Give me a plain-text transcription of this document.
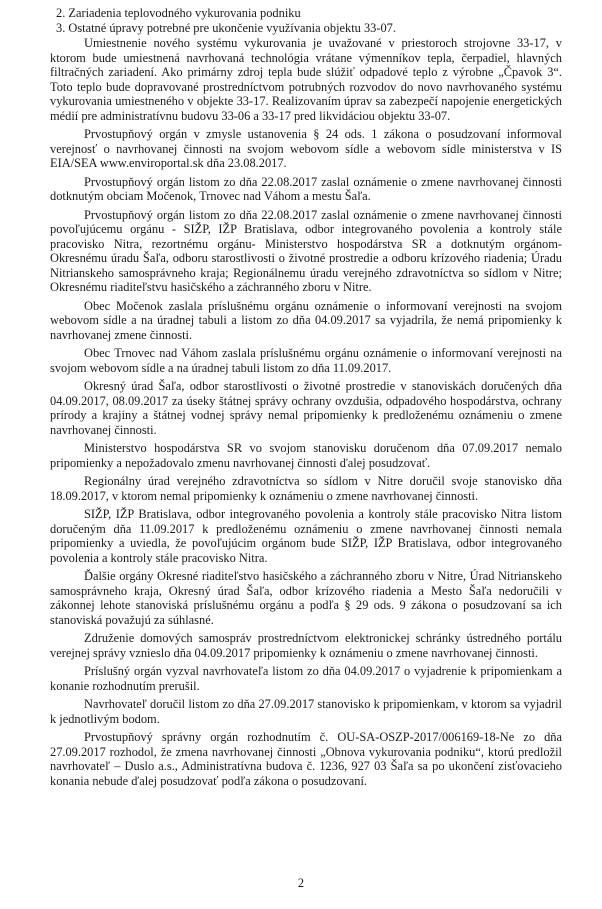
2. Zariadenia teplovodného vykurovania podniku

3. Ostatné úpravy potrebné pre ukončenie využívania objektu 33-07.

Umiestnenie nového systému vykurovania je uvažované v priestoroch strojovne 33-17, v ktorom bude umiestnená navrhovaná technológia vrátane výmenníkov tepla, čerpadiel, hlavných filtračných zariadení. Ako primárny zdroj tepla bude slúžiť odpadové teplo z výrobne „Čpavok 3“. Toto teplo bude dopravované prostredníctvom potrubných rozvodov do novo navrhovaného systému vykurovania umiestneného v objekte 33-17. Realizovaním úprav sa zabezpečí napojenie energetických médií pre administratívnu budovu 33-06 a 33-17 pred likvidáciou objektu 33-07.

Prvostupňový orgán v zmysle ustanovenia § 24 ods. 1 zákona o posudzovaní informoval verejnosť o navrhovanej činnosti na svojom webovom sídle a webovom sídle ministerstva v IS EIA/SEA www.enviroportal.sk dňa 23.08.2017.

Prvostupňový orgán listom zo dňa 22.08.2017 zaslal oznámenie o zmene navrhovanej činnosti dotknutým obciam Močenok, Trnovec nad Váhom a mestu Šaľa.

Prvostupňový orgán listom zo dňa 22.08.2017 zaslal oznámenie o zmene navrhovanej činnosti povoľujúcemu orgánu - SIŽP, IŽP Bratislava, odbor integrovaného povolenia a kontroly stále pracovisko Nitra, rezortnému orgánu- Ministerstvo hospodárstva SR a dotknutým orgánom- Okresnému úradu Šaľa, odboru starostlivosti o životné prostredie a odboru krízového riadenia; Úradu Nitrianskeho samosprávneho kraja; Regionálnemu úradu verejného zdravotníctva so sídlom v Nitre; Okresnému riaditeľstvu hasičského a záchranného zboru v Nitre.

Obec Močenok zaslala príslušnému orgánu oznámenie o informovaní verejnosti na svojom webovom sídle a na úradnej tabuli a listom zo dňa 04.09.2017 sa vyjadrila, že nemá pripomienky k navrhovanej zmene činnosti.

Obec Trnovec nad Váhom zaslala príslušnému orgánu oznámenie o informovaní verejnosti na svojom webovom sídle a na úradnej tabuli listom zo dňa 11.09.2017.

Okresný úrad Šaľa, odbor starostlivosti o životné prostredie v stanoviskách doručených dňa 04.09.2017, 08.09.2017 za úseky štátnej správy ochrany ovzdušia, odpadového hospodárstva, ochrany prírody a krajiny a štátnej vodnej správy nemal pripomienky k predloženému oznámeniu o zmene navrhovanej činnosti.

Ministerstvo hospodárstva SR vo svojom stanovisku doručenom dňa 07.09.2017 nemalo pripomienky a nepožadovalo zmenu navrhovanej činnosti ďalej posudzovať.

Regionálny úrad verejného zdravotníctva so sídlom v Nitre doručil svoje stanovisko dňa 18.09.2017, v ktorom nemal pripomienky k oznámeniu o zmene navrhovanej činnosti.

SIŽP, IŽP Bratislava, odbor integrovaného povolenia a kontroly stále pracovisko Nitra listom doručeným dňa 11.09.2017 k predloženému oznámeniu o zmene navrhovanej činnosti nemala pripomienky a uviedla, že povoľujúcim orgánom bude SIŽP, IŽP Bratislava, odbor integrovaného povolenia a kontroly stále pracovisko Nitra.

Ďalšie orgány Okresné riaditeľstvo hasičského a záchranného zboru v Nitre, Úrad Nitrianskeho samosprávneho kraja, Okresný úrad Šaľa, odbor krízového riadenia a Mesto Šaľa nedoručili v zákonnej lehote stanoviská príslušnému orgánu a podľa § 29 ods. 9 zákona o posudzovaní sa ich stanoviská považujú za súhlasné.

Združenie domových samospráv prostredníctvom elektronickej schránky ústredného portálu verejnej správy vznieslo dňa 04.09.2017 pripomienky k oznámeniu o zmene navrhovanej činnosti.

Príslušný orgán vyzval navrhovateľa listom zo dňa 04.09.2017 o vyjadrenie k pripomienkam a konanie rozhodnutím prerušil.

Navrhovateľ doručil listom zo dňa 27.09.2017 stanovisko k pripomienkam, v ktorom sa vyjadril k jednotlivým bodom.

Prvostupňový správny orgán rozhodnutím č. OU-SA-OSZP-2017/006169-18-Ne zo dňa 27.09.2017 rozhodol, že zmena navrhovanej činnosti „Obnova vykurovania podniku“, ktorú predložil navrhovateľ – Duslo a.s., Administratívna budova č. 1236, 927 03 Šaľa sa po ukončení zisťovacieho konania nebude ďalej posudzovať podľa zákona o posudzovaní.

2
